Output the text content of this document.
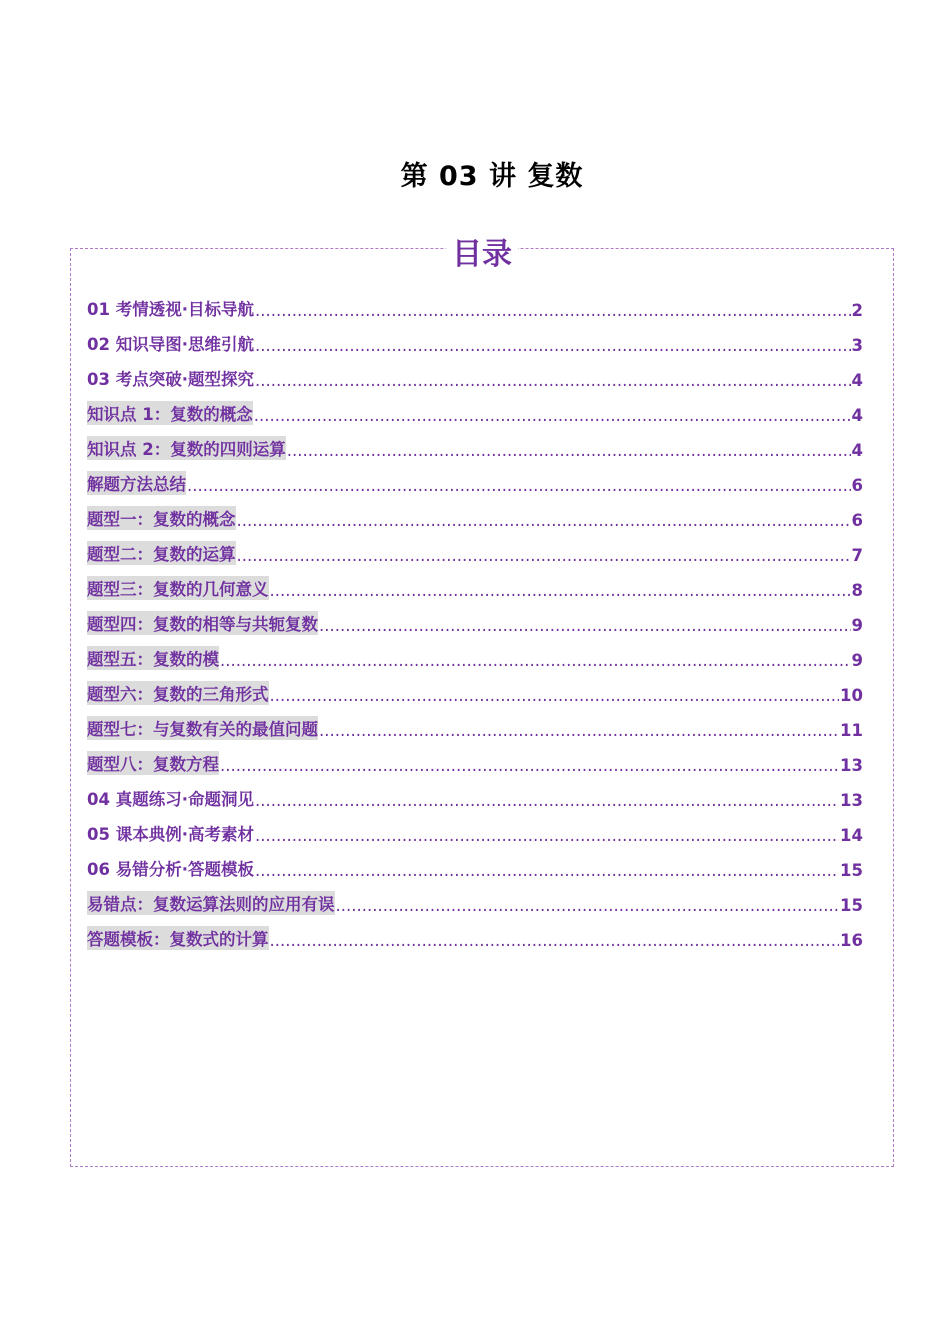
第 03 讲 复数
目录
01 考情透视·目标导航 .....	2
02 知识导图·思维引航 .....	3
03 考点突破·题型探究 .....	4
知识点 1：复数的概念 .....	4
知识点 2：复数的四则运算 .....	4
解题方法总结 .....	6
题型一：复数的概念 .....	6
题型二：复数的运算 .....	7
题型三：复数的几何意义 .....	8
题型四：复数的相等与共轭复数 .....	9
题型五：复数的模 .....	9
题型六：复数的三角形式 .....	10
题型七：与复数有关的最值问题 .....	11
题型八：复数方程 .....	13
04 真题练习·命题洞见 .....	13
05 课本典例·高考素材 .....	14
06 易错分析·答题模板 .....	15
易错点：复数运算法则的应用有误 .....	15
答题模板：复数式的计算 .....	16
